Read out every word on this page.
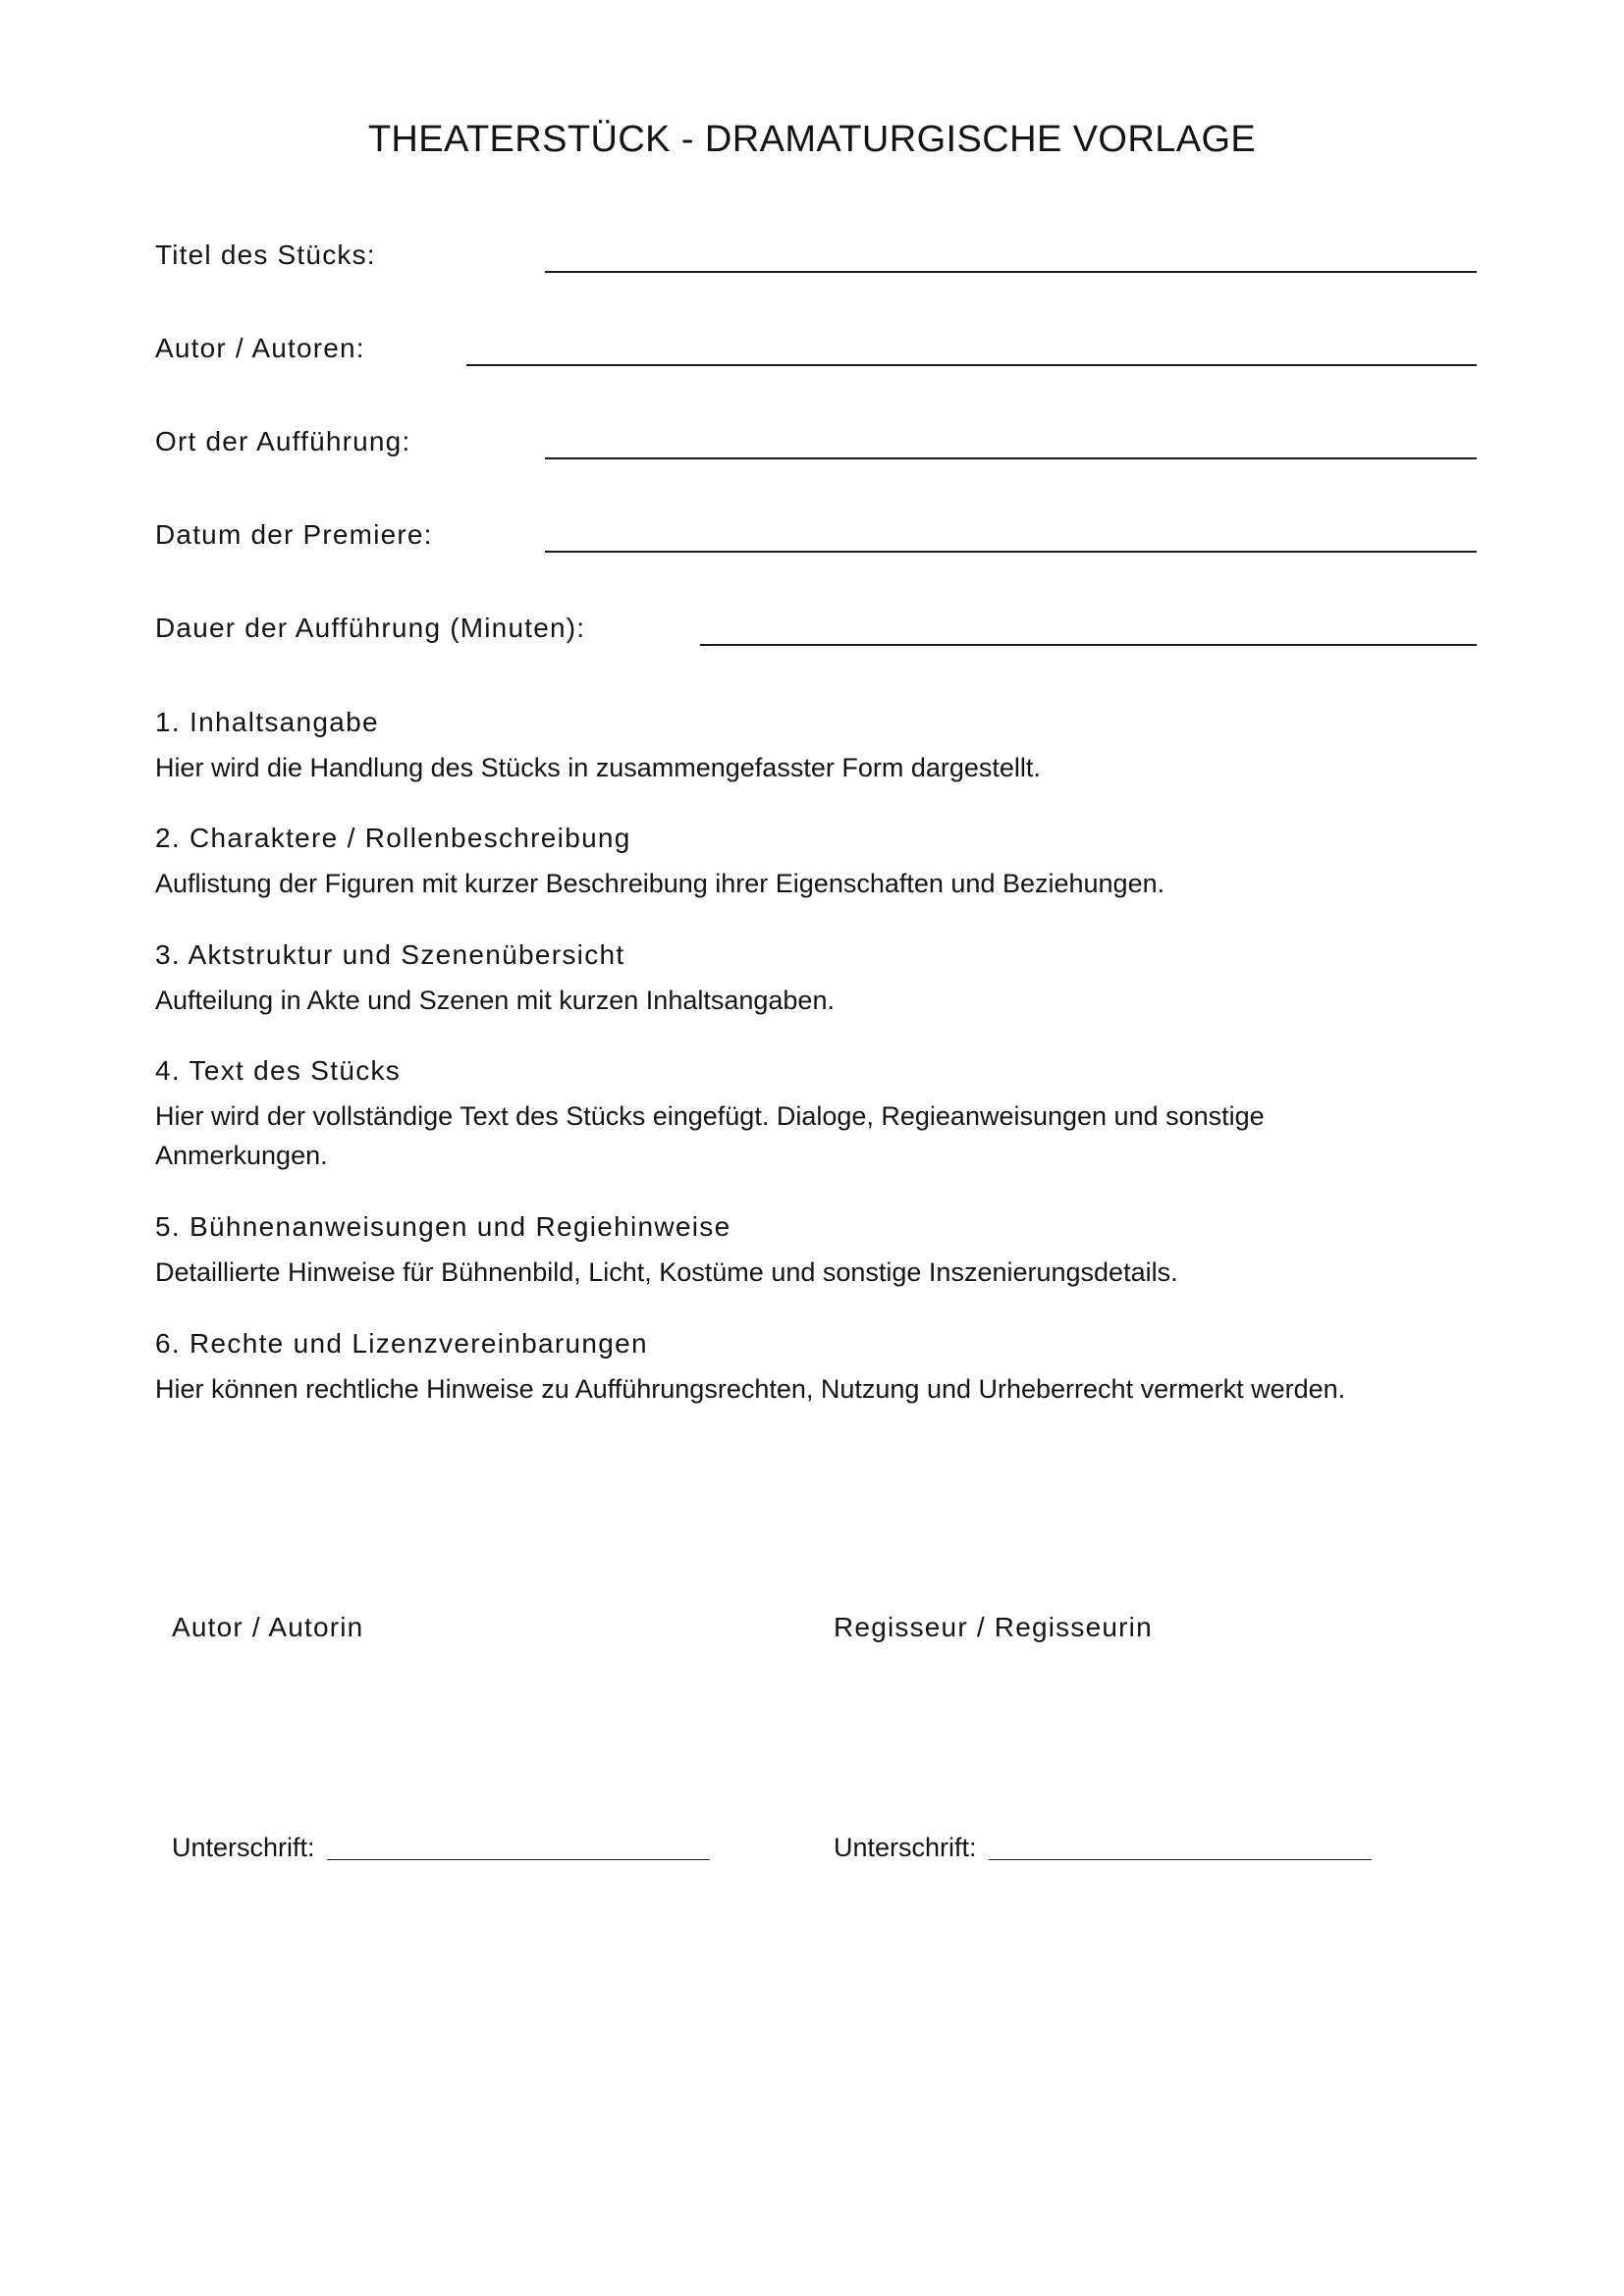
THEATERSTÜCK - DRAMATURGISCHE VORLAGE
Titel des Stücks:
Autor / Autoren:
Ort der Aufführung:
Datum der Premiere:
Dauer der Aufführung (Minuten):
1. Inhaltsangabe

Hier wird die Handlung des Stücks in zusammengefasster Form dargestellt.

2. Charaktere / Rollenbeschreibung

Auflistung der Figuren mit kurzer Beschreibung ihrer Eigenschaften und Beziehungen.

3. Aktstruktur und Szenenübersicht

Aufteilung in Akte und Szenen mit kurzen Inhaltsangaben.

4. Text des Stücks

Hier wird der vollständige Text des Stücks eingefügt. Dialoge, Regieanweisungen und sonstige Anmerkungen.

5. Bühnenanweisungen und Regiehinweise

Detaillierte Hinweise für Bühnenbild, Licht, Kostüme und sonstige Inszenierungsdetails.

6. Rechte und Lizenzvereinbarungen

Hier können rechtliche Hinweise zu Aufführungsrechten, Nutzung und Urheberrecht vermerkt werden.

Autor / Autorin	Regisseur / Regisseurin
Unterschrift:	Unterschrift:
